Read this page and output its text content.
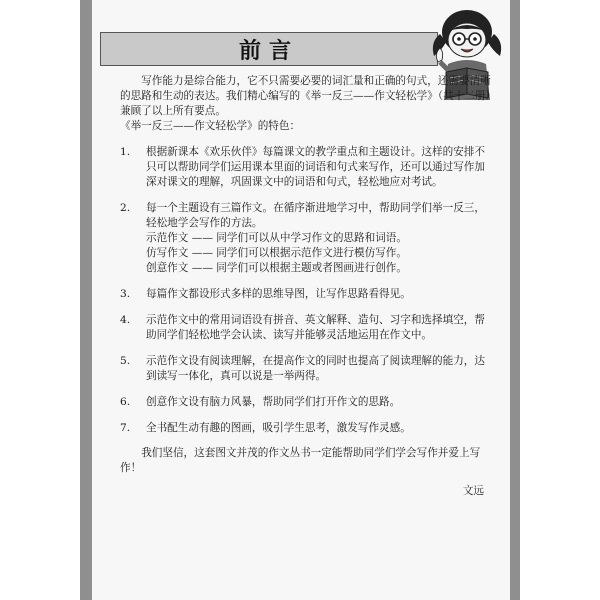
前言

写作能力是综合能力，它不只需要必要的词汇量和正确的句式，还需要清晰的思路和生动的表达。我们精心编写的《举一反三——作文轻松学》（共十二册）兼顾了以上所有要点。

《举一反三——作文轻松学》的特色：

1.	根据新课本《欢乐伙伴》每篇课文的教学重点和主题设计。这样的安排不只可以帮助同学们运用课本里面的词语和句式来写作，还可以通过写作加深对课文的理解，巩固课文中的词语和句式，轻松地应对考试。

2.	每一个主题设有三篇作文。在循序渐进地学习中，帮助同学们举一反三，轻松地学会写作的方法。

示范作文 —— 同学们可以从中学习作文的思路和词语。

仿写作文 —— 同学们可以根据示范作文进行模仿写作。

创意作文 —— 同学们可以根据主题或者图画进行创作。

3.	每篇作文都设形式多样的思维导图，让写作思路看得见。

4.	示范作文中的常用词语设有拼音、英文解释、造句、习字和选择填空，帮助同学们轻松地学会认读、读写并能够灵活地运用在作文中。

5.	示范作文设有阅读理解，在提高作文的同时也提高了阅读理解的能力，达到读写一体化，真可以说是一举两得。

6.	创意作文设有脑力风暴，帮助同学们打开作文的思路。

7.	全书配生动有趣的图画，吸引学生思考，激发写作灵感。

我们坚信，这套图文并茂的作文丛书一定能帮助同学们学会写作并爱上写作！

文远
